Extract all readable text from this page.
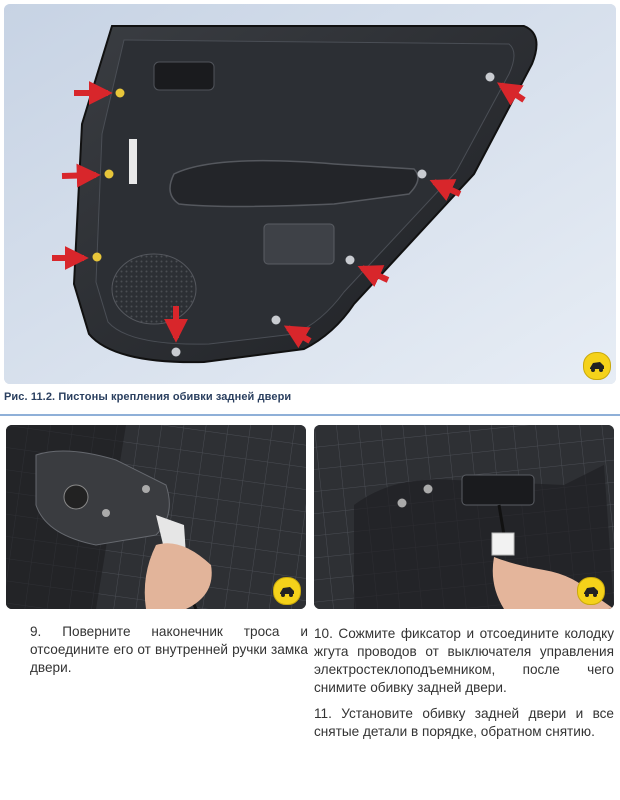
Рис. 11.2. Пистоны крепления обивки задней двери
9. Поверните наконечник троса и отсоедините его от внутренней ручки замка двери.
10. Сожмите фиксатор и отсоедините колодку жгута проводов от выключателя управления электростеклоподъемником, после чего снимите обивку задней двери.
11. Установите обивку задней двери и все снятые детали в порядке, обратном снятию.
